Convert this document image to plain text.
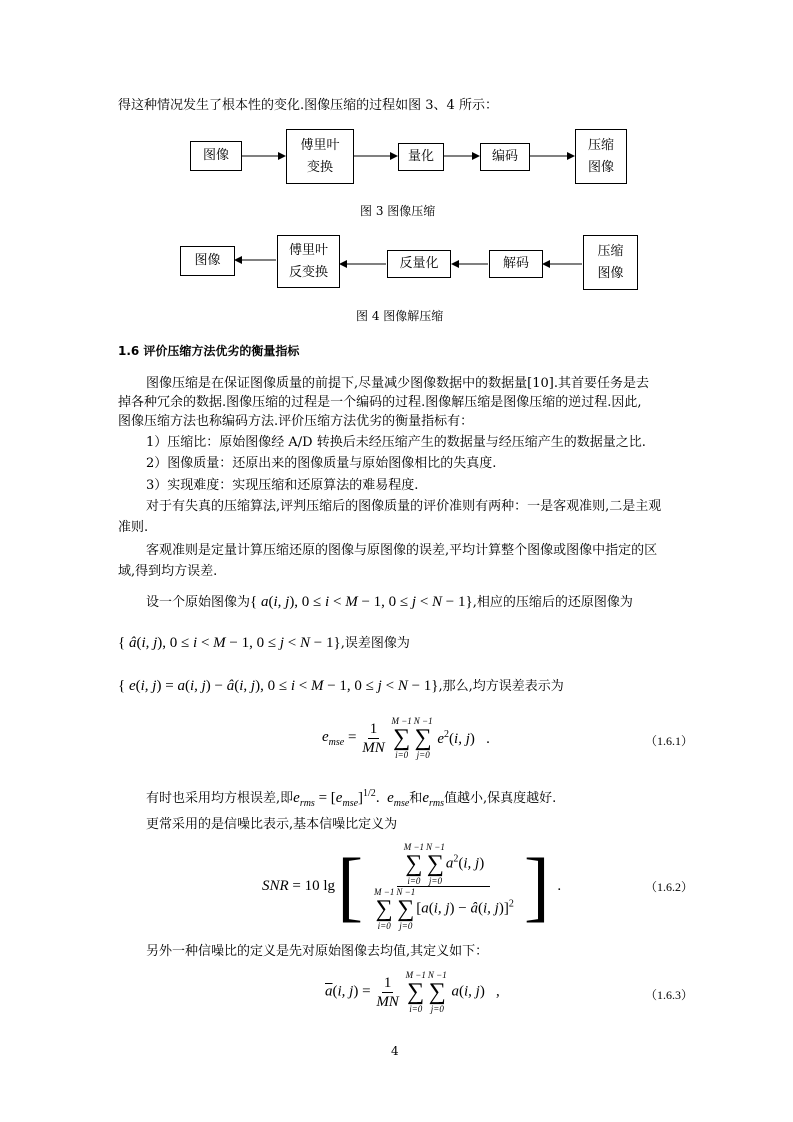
得这种情况发生了根本性的变化.图像压缩的过程如图 3、4 所示：
图像
傅里叶
变换
量化	编码
压缩
图像
图 3 图像压缩
图像
傅里叶
反变换
反量化	解码
压缩
图像
图 4 图像解压缩
1.6 评价压缩方法优劣的衡量指标
图像压缩是在保证图像质量的前提下,尽量减少图像数据中的数据量[10].其首要任务是去
掉各种冗余的数据.图像压缩的过程是一个编码的过程.图像解压缩是图像压缩的逆过程.因此,
图像压缩方法也称编码方法.评价压缩方法优劣的衡量指标有：
1）压缩比：原始图像经 A/D 转换后未经压缩产生的数据量与经压缩产生的数据量之比.
2）图像质量：还原出来的图像质量与原始图像相比的失真度.
3）实现难度：实现压缩和还原算法的难易程度.
对于有失真的压缩算法,评判压缩后的图像质量的评价准则有两种：一是客观准则,二是主观
准则.
客观准则是定量计算压缩还原的图像与原图像的误差,平均计算整个图像或图像中指定的区
域,得到均方误差.
设一个原始图像为{ a(i, j), 0 ≤ i < M − 1, 0 ≤ j < N − 1},相应的压缩后的还原图像为
{ â(i, j), 0 ≤ i < M − 1, 0 ≤ j < N − 1},误差图像为
{ e(i, j) = a(i, j) − â(i, j), 0 ≤ i < M − 1, 0 ≤ j < N − 1},那么,均方误差表示为
$e_{mse} = \frac{1}{MN}$
M −1
∑
i=0
N −1
∑
j=0
$e^2(i$, j)   .	（1.6.1）
有时也采用均方根误差,即$e_{rms} = [e_{mse}]^{1/2}$.  $e_{mse}$和$e_{rms}$值越小,保真度越好.
更常采用的是信噪比表示,基本信噪比定义为
SNR = 10 lg [ M −1
∑
i=0
N −1
∑
j=0
$a^2(i$, j)
M −1
∑
i=0
N −1
∑
j=0
[a(i, j) − â(i, j)]$^2$ ] .	（1.6.2）
另外一种信噪比的定义是先对原始图像去均值,其定义如下：
$\overline{a}(i$, $j) = \frac{1}{MN}$
M −1
∑
i=0
N −1
∑
j=0
a(i, j)   ,	（1.6.3）
4
